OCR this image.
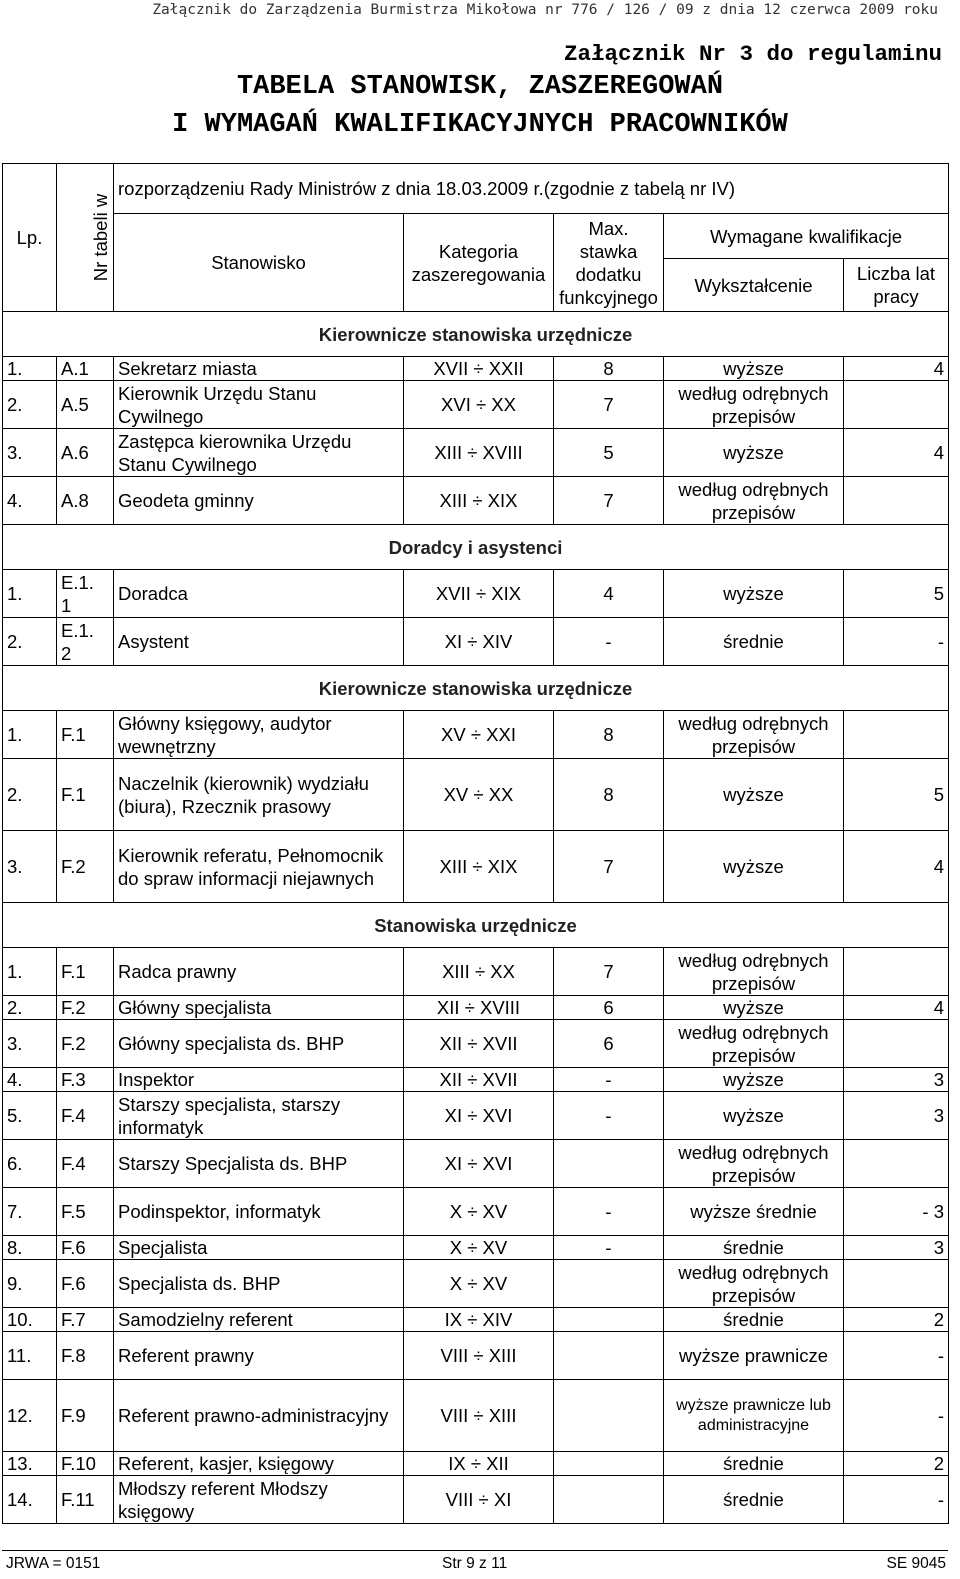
Załącznik do Zarządzenia Burmistrza Mikołowa nr 776 / 126 / 09 z dnia 12 czerwca 2009 roku
Załącznik Nr 3 do regulaminu
TABELA STANOWISK, ZASZEREGOWAŃ
I WYMAGAŃ KWALIFIKACYJNYCH PRACOWNIKÓW
Lp.	Nr tabeli w	rozporządzeniu Rady Ministrów z dnia 18.03.2009 r.(zgodnie z tabelą nr IV)				
		Stanowisko	Kategoria zaszeregowania	Max. stawka dodatku funkcyjnego	Wymagane kwalifikacje	
					Wykształcenie	Liczba lat pracy
Kierownicze stanowiska urzędnicze						
1.	A.1	Sekretarz miasta	XVII ÷ XXII	8	wyższe	4
2.	A.5	Kierownik Urzędu Stanu Cywilnego	XVI ÷ XX	7	według odrębnych przepisów	
3.	A.6	Zastępca kierownika Urzędu Stanu Cywilnego	XIII ÷ XVIII	5	wyższe	4
4.	A.8	Geodeta gminny	XIII ÷ XIX	7	według odrębnych przepisów	
Doradcy i asystenci						
1.	E.1. 1	Doradca	XVII ÷ XIX	4	wyższe	5
2.	E.1. 2	Asystent	XI ÷ XIV	-	średnie	-
Kierownicze stanowiska urzędnicze						
1.	F.1	Główny księgowy, audytor wewnętrzny	XV ÷ XXI	8	według odrębnych przepisów	
2.	F.1	Naczelnik (kierownik) wydziału (biura), Rzecznik prasowy	XV ÷ XX	8	wyższe	5
3.	F.2	Kierownik referatu, Pełnomocnik do spraw informacji niejawnych	XIII ÷ XIX	7	wyższe	4
Stanowiska urzędnicze						
1.	F.1	Radca prawny	XIII ÷ XX	7	według odrębnych przepisów	
2.	F.2	Główny specjalista	XII ÷ XVIII	6	wyższe	4
3.	F.2	Główny specjalista ds. BHP	XII ÷ XVII	6	według odrębnych przepisów	
4.	F.3	Inspektor	XII ÷ XVII	-	wyższe	3
5.	F.4	Starszy specjalista, starszy informatyk	XI ÷ XVI	-	wyższe	3
6.	F.4	Starszy Specjalista ds. BHP	XI ÷ XVI		według odrębnych przepisów	
7.	F.5	Podinspektor, informatyk	X ÷ XV	-	wyższe średnie	- 3
8.	F.6	Specjalista	X ÷ XV	-	średnie	3
9.	F.6	Specjalista ds. BHP	X ÷ XV		według odrębnych przepisów	
10.	F.7	Samodzielny referent	IX ÷ XIV		średnie	2
11.	F.8	Referent prawny	VIII ÷ XIII		wyższe prawnicze	-
12.	F.9	Referent prawno-administracyjny	VIII ÷ XIII		wyższe prawnicze lub administracyjne	-
13.	F.10	Referent, kasjer, księgowy	IX ÷ XII		średnie	2
14.	F.11	Młodszy referent Młodszy księgowy	VIII ÷ XI		średnie	-
JRWA = 0151	Str 9 z 11	SE 9045
